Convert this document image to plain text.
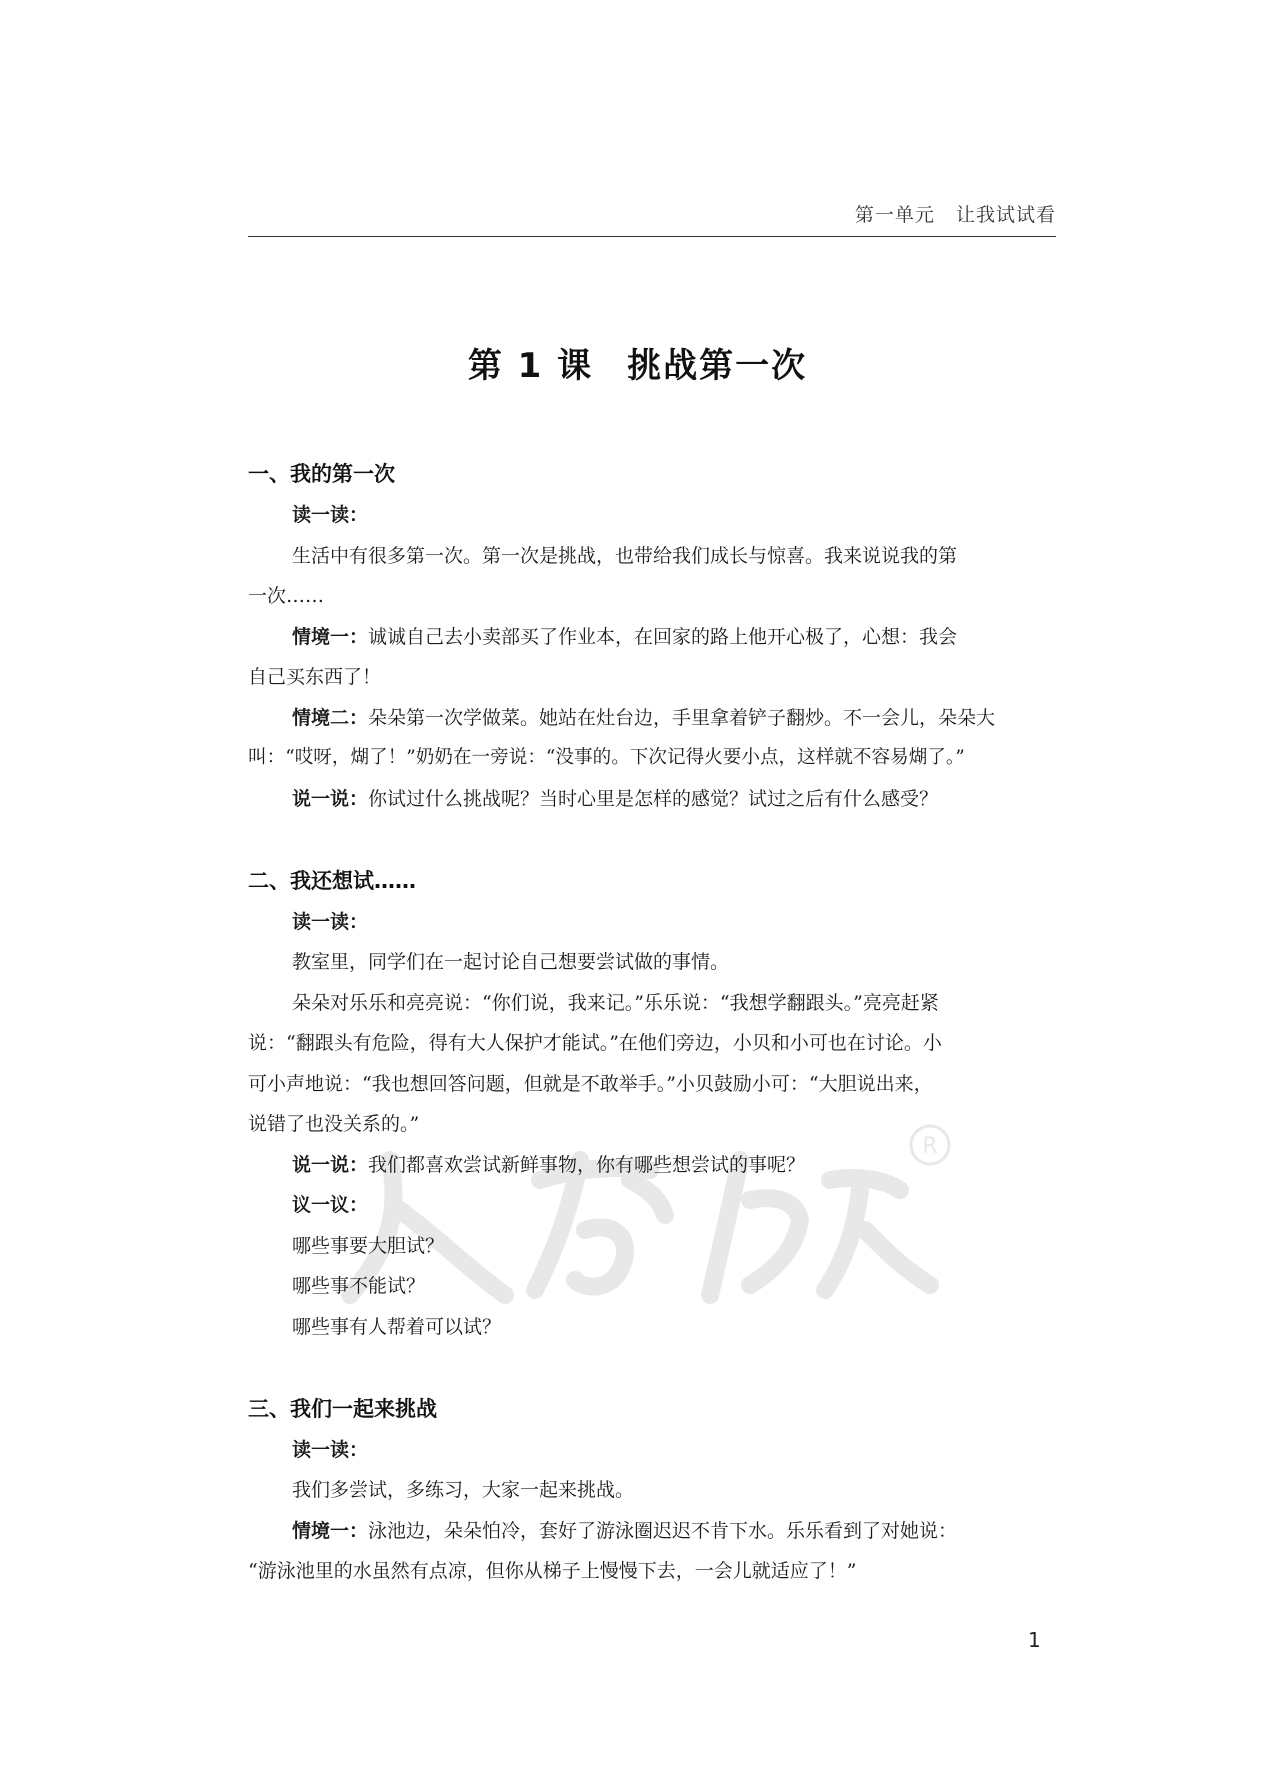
第一单元 让我试试看
第 1 课 挑战第一次
R
一、我的第一次
读一读：
生活中有很多第一次。第一次是挑战，也带给我们成长与惊喜。我来说说我的第
一次……
情境一：诚诚自己去小卖部买了作业本，在回家的路上他开心极了，心想：我会
自己买东西了！
情境二：朵朵第一次学做菜。她站在灶台边，手里拿着铲子翻炒。不一会儿，朵朵大
叫：“哎呀，煳了！”奶奶在一旁说：“没事的。下次记得火要小点，这样就不容易煳了。”
说一说：你试过什么挑战呢？当时心里是怎样的感觉？试过之后有什么感受？
二、我还想试……
读一读：
教室里，同学们在一起讨论自己想要尝试做的事情。
朵朵对乐乐和亮亮说：“你们说，我来记。”乐乐说：“我想学翻跟头。”亮亮赶紧
说：“翻跟头有危险，得有大人保护才能试。”在他们旁边，小贝和小可也在讨论。小
可小声地说：“我也想回答问题，但就是不敢举手。”小贝鼓励小可：“大胆说出来，
说错了也没关系的。”
说一说：我们都喜欢尝试新鲜事物，你有哪些想尝试的事呢？
议一议：
哪些事要大胆试？
哪些事不能试？
哪些事有人帮着可以试？
三、我们一起来挑战
读一读：
我们多尝试，多练习，大家一起来挑战。
情境一：泳池边，朵朵怕冷，套好了游泳圈迟迟不肯下水。乐乐看到了对她说：
“游泳池里的水虽然有点凉，但你从梯子上慢慢下去，一会儿就适应了！”
1
